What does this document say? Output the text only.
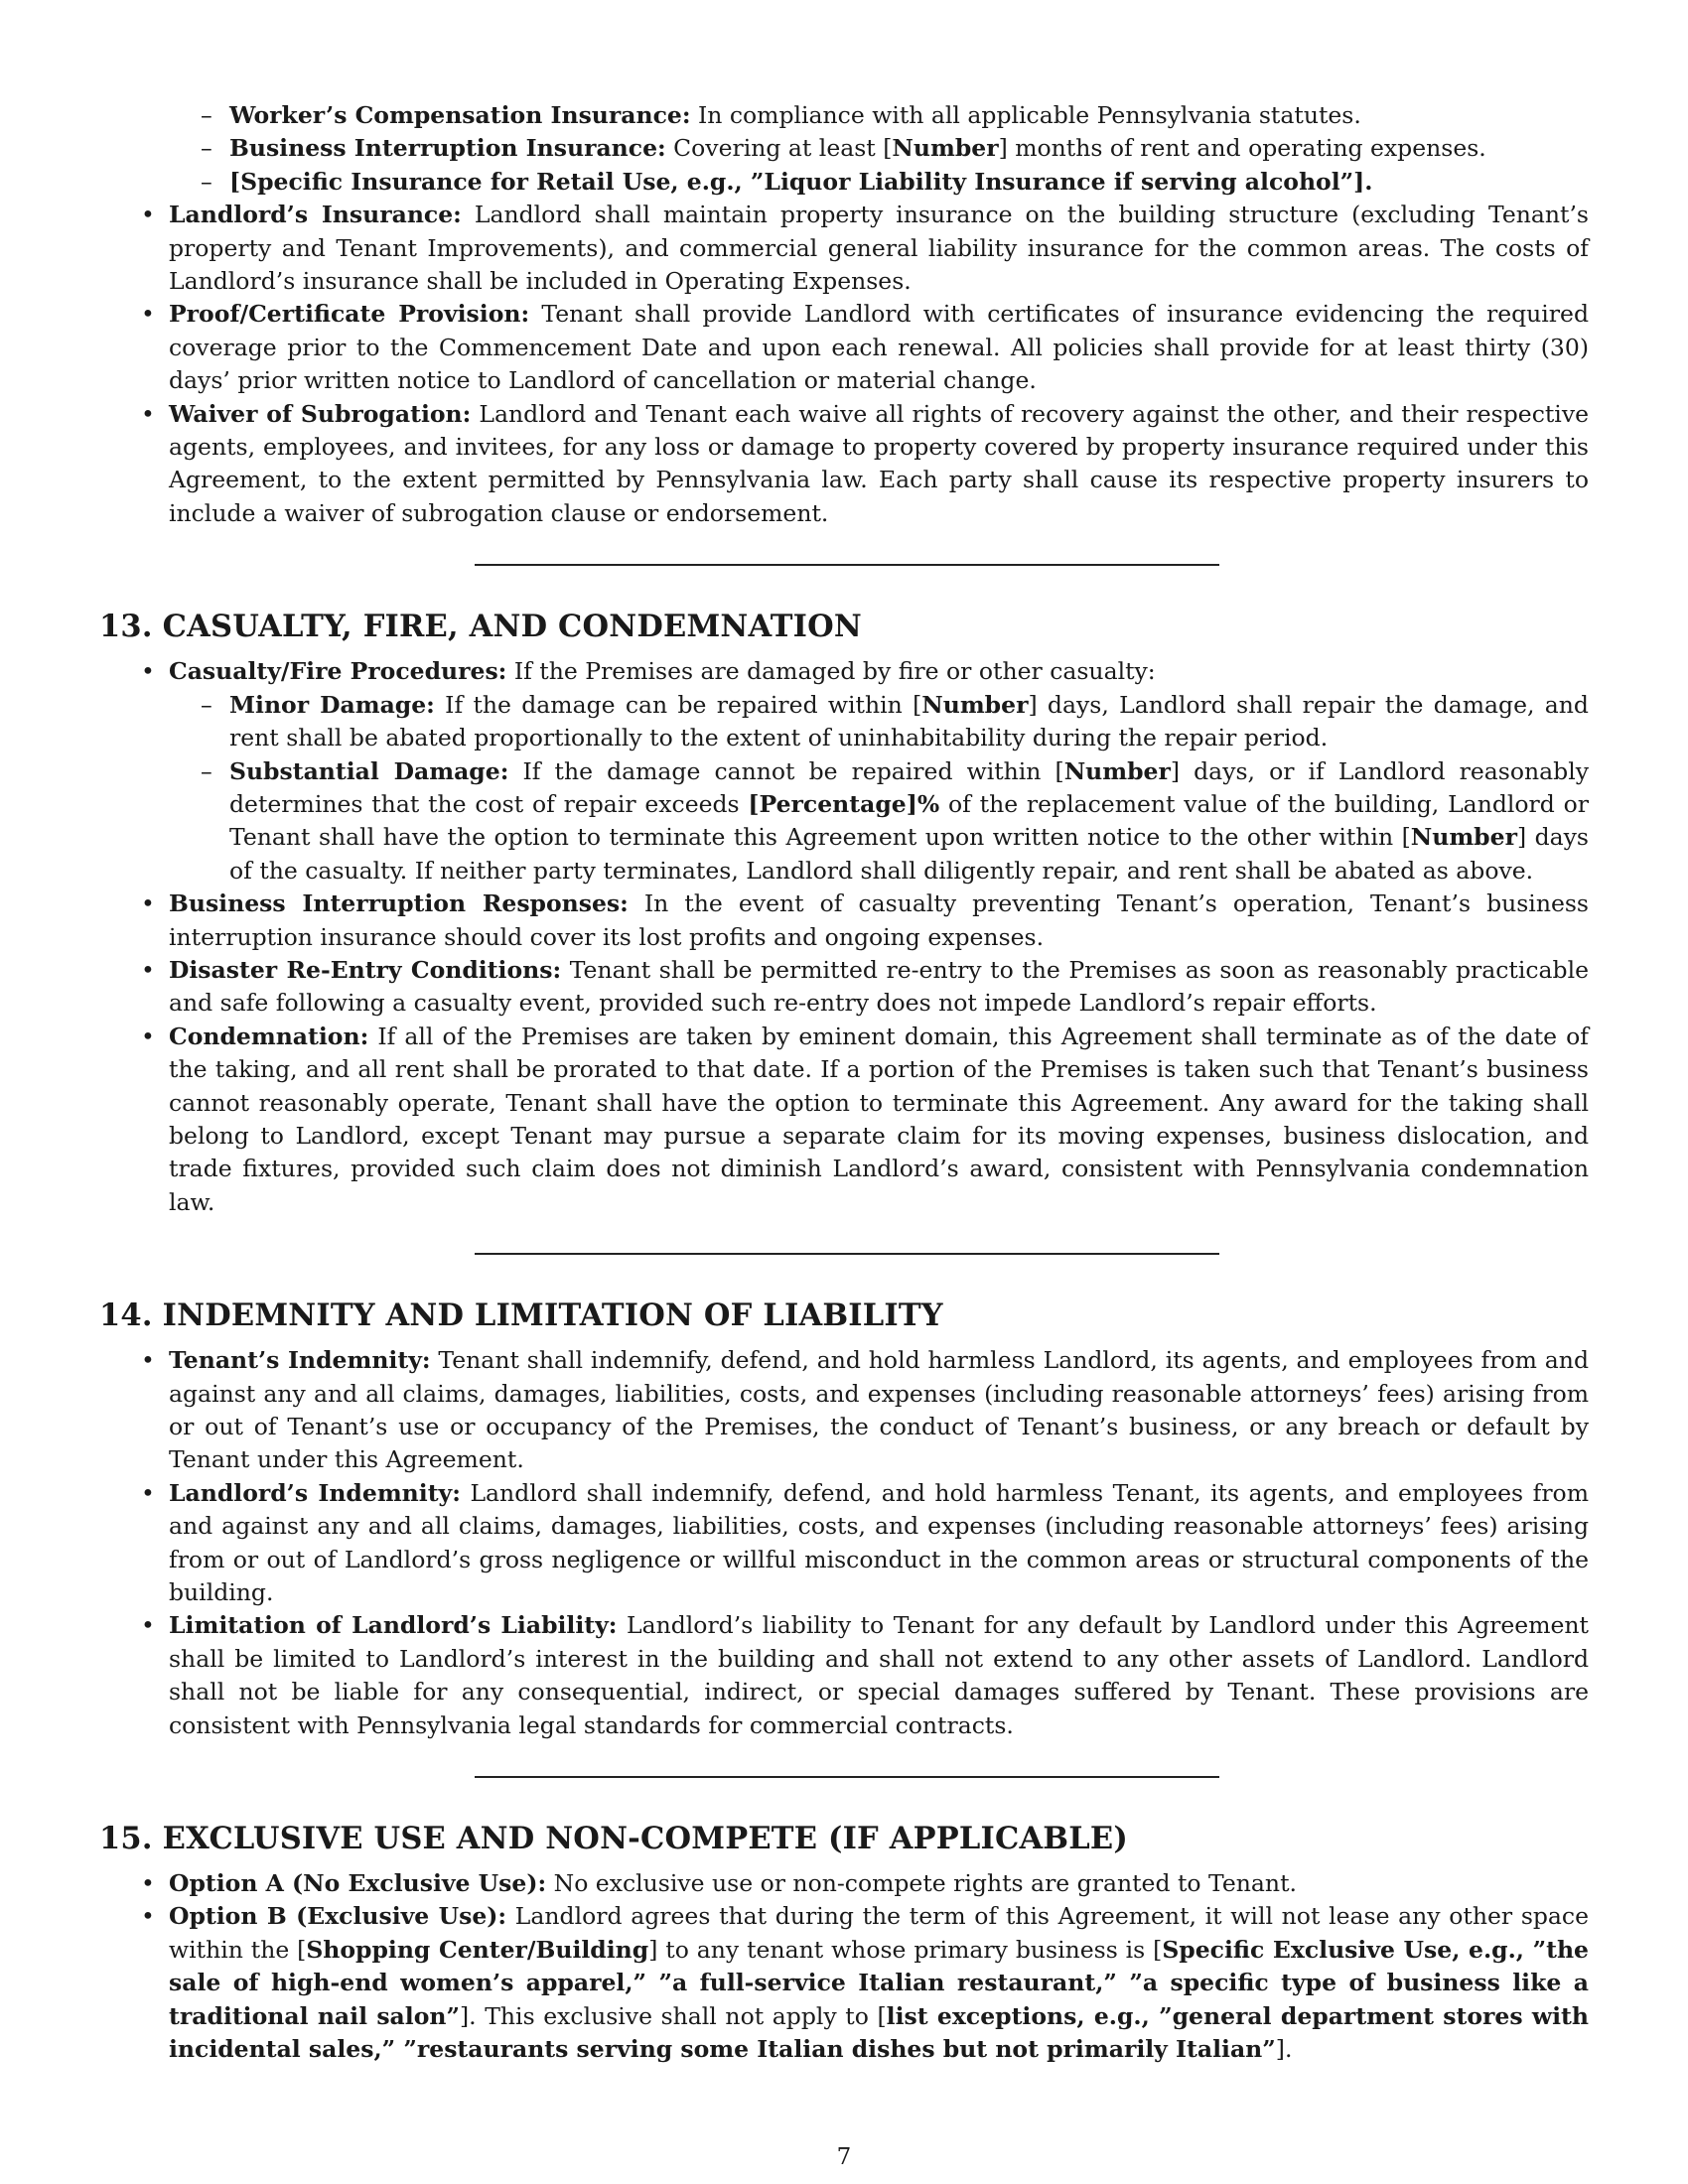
– Worker’s Compensation Insurance: In compliance with all applicable Pennsylvania statutes.
– Business Interruption Insurance: Covering at least [Number] months of rent and operating expenses.
– [Specific Insurance for Retail Use, e.g., ”Liquor Liability Insurance if serving alcohol”].
• Landlord’s Insurance: Landlord shall maintain property insurance on the building structure (excluding Tenant’s property and Tenant Improvements), and commercial general liability insurance for the common areas. The costs of Landlord’s insurance shall be included in Operating Expenses.
• Proof/Certificate Provision: Tenant shall provide Landlord with certificates of insurance evidencing the required coverage prior to the Commencement Date and upon each renewal. All policies shall provide for at least thirty (30) days’ prior written notice to Landlord of cancellation or material change.
• Waiver of Subrogation: Landlord and Tenant each waive all rights of recovery against the other, and their respective agents, employees, and invitees, for any loss or damage to property covered by property insurance required under this Agreement, to the extent permitted by Pennsylvania law. Each party shall cause its respective property insurers to include a waiver of subrogation clause or endorsement.
13. CASUALTY, FIRE, AND CONDEMNATION
• Casualty/Fire Procedures: If the Premises are damaged by fire or other casualty:
– Minor Damage: If the damage can be repaired within [Number] days, Landlord shall repair the damage, and rent shall be abated proportionally to the extent of uninhabitability during the repair period.
– Substantial Damage: If the damage cannot be repaired within [Number] days, or if Landlord reasonably determines that the cost of repair exceeds [Percentage]% of the replacement value of the building, Landlord or Tenant shall have the option to terminate this Agreement upon written notice to the other within [Number] days of the casualty. If neither party terminates, Landlord shall diligently repair, and rent shall be abated as above.
• Business Interruption Responses: In the event of casualty preventing Tenant’s operation, Tenant’s business interruption insurance should cover its lost profits and ongoing expenses.
• Disaster Re-Entry Conditions: Tenant shall be permitted re-entry to the Premises as soon as reasonably practicable and safe following a casualty event, provided such re-entry does not impede Landlord’s repair efforts.
• Condemnation: If all of the Premises are taken by eminent domain, this Agreement shall terminate as of the date of the taking, and all rent shall be prorated to that date. If a portion of the Premises is taken such that Tenant’s business cannot reasonably operate, Tenant shall have the option to terminate this Agreement. Any award for the taking shall belong to Landlord, except Tenant may pursue a separate claim for its moving expenses, business dislocation, and trade fixtures, provided such claim does not diminish Landlord’s award, consistent with Pennsylvania condemnation law.
14. INDEMNITY AND LIMITATION OF LIABILITY
• Tenant’s Indemnity: Tenant shall indemnify, defend, and hold harmless Landlord, its agents, and employees from and against any and all claims, damages, liabilities, costs, and expenses (including reasonable attorneys’ fees) arising from or out of Tenant’s use or occupancy of the Premises, the conduct of Tenant’s business, or any breach or default by Tenant under this Agreement.
• Landlord’s Indemnity: Landlord shall indemnify, defend, and hold harmless Tenant, its agents, and employees from and against any and all claims, damages, liabilities, costs, and expenses (including reasonable attorneys’ fees) arising from or out of Landlord’s gross negligence or willful misconduct in the common areas or structural components of the building.
• Limitation of Landlord’s Liability: Landlord’s liability to Tenant for any default by Landlord under this Agreement shall be limited to Landlord’s interest in the building and shall not extend to any other assets of Landlord. Landlord shall not be liable for any consequential, indirect, or special damages suffered by Tenant. These provisions are consistent with Pennsylvania legal standards for commercial contracts.
15. EXCLUSIVE USE AND NON-COMPETE (IF APPLICABLE)
• Option A (No Exclusive Use): No exclusive use or non-compete rights are granted to Tenant.
• Option B (Exclusive Use): Landlord agrees that during the term of this Agreement, it will not lease any other space within the [Shopping Center/Building] to any tenant whose primary business is [Specific Exclusive Use, e.g., ”the sale of high-end women’s apparel,” ”a full-service Italian restaurant,” ”a specific type of business like a traditional nail salon”]. This exclusive shall not apply to [list exceptions, e.g., ”general department stores with incidental sales,” ”restaurants serving some Italian dishes but not primarily Italian”].
7
